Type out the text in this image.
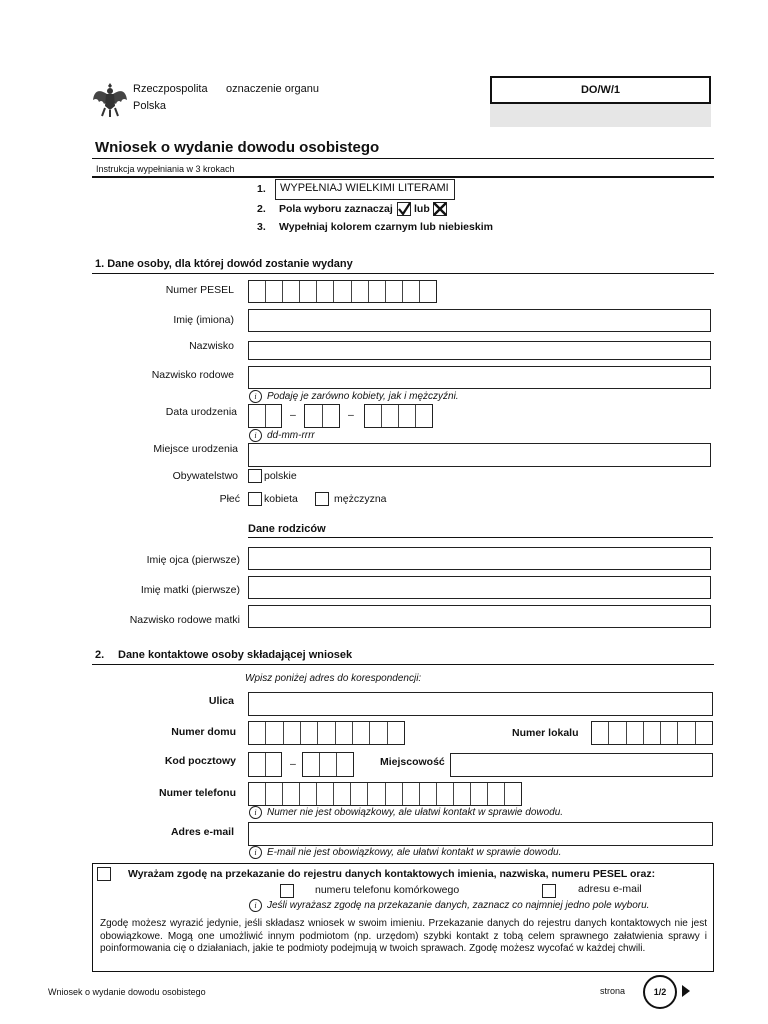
Rzeczpospolita
Polska
oznaczenie organu	DO/W/1
Wniosek o wydanie dowodu osobistego
Instrukcja wypełniania w 3 krokach
1.	WYPEŁNIAJ WIELKIMI LITERAMI
2. Pola wyboru zaznaczaj lub
3. Wypełniaj kolorem czarnym lub niebieskim
1. Dane osoby, dla której dowód zostanie wydany
Numer PESEL
Imię (imiona)
Nazwisko
Nazwisko rodowe
i	Podaję je zarówno kobiety, jak i mężczyźni.
Data urodzenia	–	–
i	dd-mm-rrrr
Miejsce urodzenia
Obywatelstwo polskie
Płeć kobieta	mężczyzna
Dane rodziców
Imię ojca (pierwsze)
Imię matki (pierwsze)
Nazwisko rodowe matki
2. Dane kontaktowe osoby składającej wniosek
Wpisz poniżej adres do korespondencji:
Ulica
Numer domu	Numer lokalu
Kod pocztowy	–	Miejscowość
Numer telefonu
i	Numer nie jest obowiązkowy, ale ułatwi kontakt w sprawie dowodu.
Adres e-mail
i	E-mail nie jest obowiązkowy, ale ułatwi kontakt w sprawie dowodu.
Wyrażam zgodę na przekazanie do rejestru danych kontaktowych imienia, nazwiska, numeru PESEL oraz:
numeru telefonu komórkowego	adresu e-mail
i	Jeśli wyrażasz zgodę na przekazanie danych, zaznacz co najmniej jedno pole wyboru.
Zgodę możesz wyrazić jedynie, jeśli składasz wniosek w swoim imieniu. Przekazanie danych do rejestru danych kontaktowych nie jest obowiązkowe. Mogą one umożliwić innym podmiotom (np. urzędom) szybki kontakt z tobą celem sprawnego załatwienia sprawy i poinformowania cię o działaniach, jakie te podmioty podejmują w twoich sprawach. Zgodę możesz wycofać w każdej chwili.
Wniosek o wydanie dowodu osobistego	strona	1/2
